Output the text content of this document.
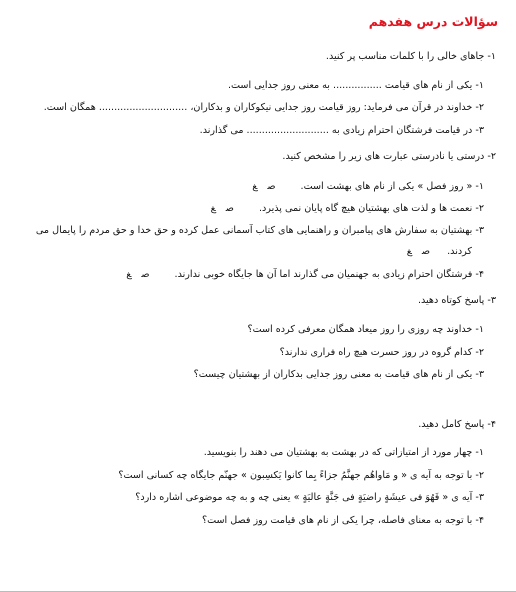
سؤالات درس هفدهم

۱- جاهای خالی را با کلمات مناسب پر کنید.

۱- یکی از نام های قیامت ................ به معنی روز جدایی است.

۲- خداوند در قرآن می فرماید: روز قیامت روز جدایی نیکوکاران و بدکاران، ............................. همگان است.

۳- در قیامت فرشتگان احترام زیادی به ........................... می گذارند.

۲- درستی یا نادرستی عبارت های زیر را مشخص کنید.

۱- « روز فصل » یکی از نام های بهشت است. صغ

۲- نعمت ها و لذت های بهشتیان هیچ گاه پایان نمی پذیرد. صغ

۳- بهشتیان به سفارش های پیامبران و راهنمایی های کتاب آسمانی عمل کرده و حق خدا و حق مردم را پایمال می

کردند. صغ

۴- فرشتگان احترام زیادی به جهنمیان می گذارند اما آن ها جایگاه خوبی ندارند. صغ

۳- پاسخ کوتاه دهید.

۱- خداوند چه روزی را روز میعاد همگان معرفی کرده است؟

۲- کدام گروه در روز حسرت هیچ راه فراری ندارند؟

۳- یکی از نام های قیامت به معنی روز جدایی بدکاران از بهشتیان چیست؟

۴- پاسخ کامل دهید.

۱- چهار مورد از امتیازاتی که در بهشت به بهشتیان می دهند را بنویسید.

۲- با توجه به آیه ی « و مَاواهُم جهنَّمُ جزاءً بِما کانوا یَکسِبون » جهنّم جایگاه چه کسانی است؟

۳- آیه ی « فَهُوَ فی عیشَةٍ راضیَةٍ فی جَنَّةٍ عالیَةٍ » یعنی چه و به چه موضوعی اشاره دارد؟

۴- با توجه به معنای فاصله، چرا یکی از نام های قیامت روز فصل است؟
